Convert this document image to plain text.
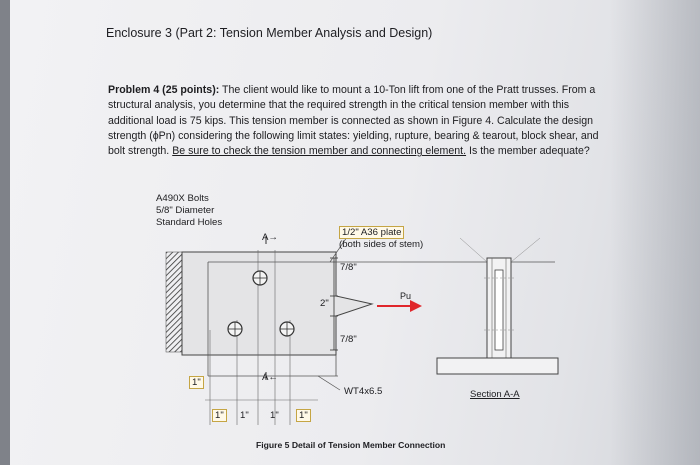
Enclosure 3 (Part 2: Tension Member Analysis and Design)
Problem 4 (25 points): The client would like to mount a 10-Ton lift from one of the Pratt trusses. From a structural analysis, you determine that the required strength in the critical tension member with this additional load is 75 kips. This tension member is connected as shown in Figure 4. Calculate the design strength (ϕPn) considering the following limit states: yielding, rupture, bearing & tearout, block shear, and bolt strength. Be sure to check the tension member and connecting element. Is the member adequate?
A490X Bolts
5/8" Diameter
Standard Holes
1/2" A36 plate
(both sides of stem)
A→
A←
7/8"
2"
7/8"
Pu
WT4x6.5
1"
1"	1" 1"	1"
Section A-A
Figure 5 Detail of Tension Member Connection
